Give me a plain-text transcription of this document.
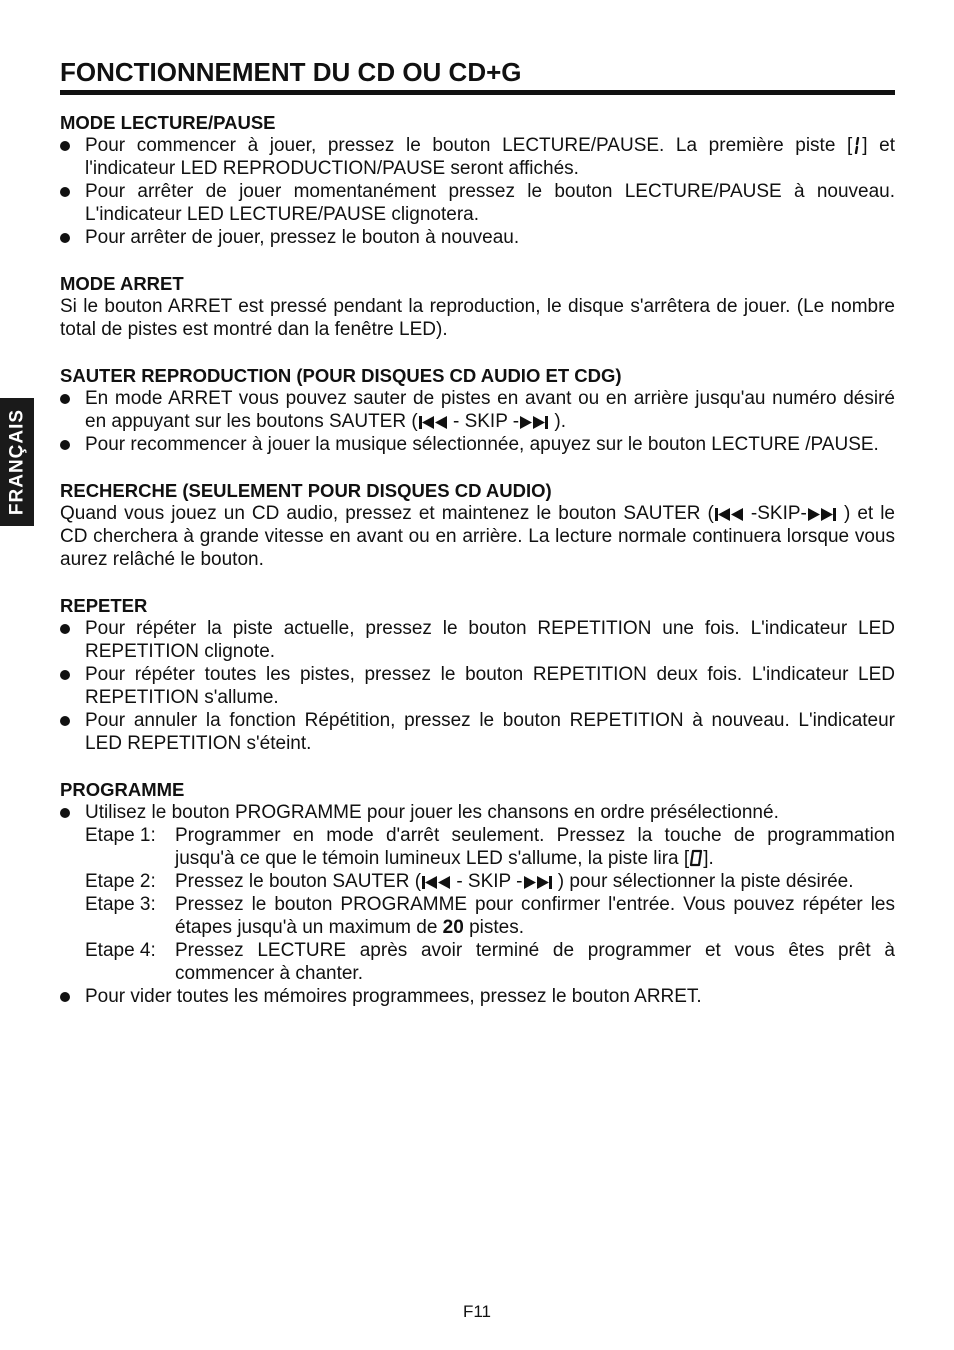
FRANÇAIS
FONCTIONNEMENT DU CD OU CD+G
MODE LECTURE/PAUSE
Pour commencer à jouer, pressez le bouton LECTURE/PAUSE. La première piste [ ] et l'indicateur LED REPRODUCTION/PAUSE seront affichés.
Pour arrêter de jouer momentanément pressez le bouton LECTURE/PAUSE à nouveau. L'indicateur LED LECTURE/PAUSE clignotera.
Pour arrêter de jouer, pressez le bouton à nouveau.
MODE ARRET

Si le bouton ARRET est pressé pendant la reproduction, le disque s'arrêtera de jouer. (Le nombre total de pistes est montré dan la fenêtre LED).

SAUTER REPRODUCTION (POUR DISQUES CD AUDIO ET CDG)
En mode ARRET vous pouvez sauter de pistes en avant ou en arrière jusqu'au numéro désiré en appuyant sur les boutons SAUTER ( - SKIP - ).
Pour recommencer à jouer la musique sélectionnée, apuyez sur le bouton LECTURE /PAUSE.
RECHERCHE (SEULEMENT POUR DISQUES CD AUDIO)

Quand vous jouez un CD audio, pressez et maintenez le bouton SAUTER ( -SKIP- ) et le CD cherchera à grande vitesse en avant ou en arrière. La lecture normale continuera lorsque vous aurez relâché le bouton.

REPETER
Pour répéter la piste actuelle, pressez le bouton REPETITION une fois. L'indicateur LED REPETITION clignote.
Pour répéter toutes les pistes, pressez le bouton REPETITION deux fois. L'indicateur LED REPETITION s'allume.
Pour annuler la fonction Répétition, pressez le bouton REPETITION à nouveau. L'indicateur LED REPETITION s'éteint.
PROGRAMME
Utilisez le bouton PROGRAMME pour jouer les chansons en ordre présélectionné.
Etape 1:	Programmer en mode d'arrêt seulement. Pressez la touche de programmation jusqu'à ce que le témoin lumineux LED s'allume, la piste lira [ ].
Etape 2:	Pressez le bouton SAUTER ( - SKIP - ) pour sélectionner la piste désirée.
Etape 3:	Pressez le bouton PROGRAMME pour confirmer l'entrée. Vous pouvez répéter les étapes jusqu'à un maximum de 20 pistes.
Etape 4:	Pressez LECTURE après avoir terminé de programmer et vous êtes prêt à commencer à chanter.
Pour vider toutes les mémoires programmees, pressez le bouton ARRET.
F11
